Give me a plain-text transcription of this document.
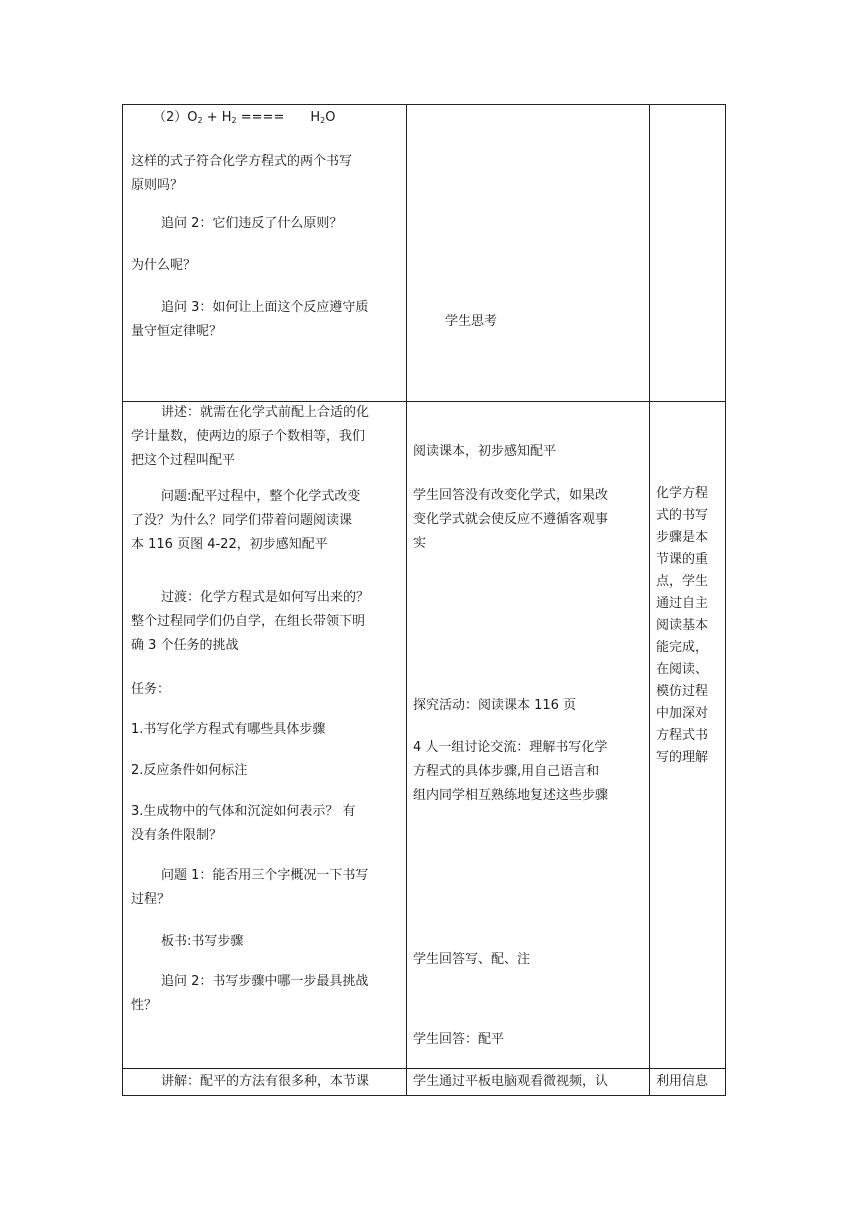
$(2)O_2 + H_2$ ==== $H_2O$
这样的式子符合化学方程式的两个书写
原则吗？
追问 2：它们违反了什么原则？
为什么呢？
追问 3：如何让上面这个反应遵守质
量守恒定律呢？
学生思考
讲述：就需在化学式前配上合适的化
学计量数，使两边的原子个数相等，我们
把这个过程叫配平
问题:配平过程中，整个化学式改变
了没？为什么？同学们带着问题阅读课
本 116 页图 4-22，初步感知配平
过渡：化学方程式是如何写出来的？
整个过程同学们仍自学，在组长带领下明
确 3 个任务的挑战
任务：
1.书写化学方程式有哪些具体步骤
2.反应条件如何标注
3.生成物中的气体和沉淀如何表示？ 有
没有条件限制？
问题 1：能否用三个字概况一下书写
过程？
板书:书写步骤
追问 2：书写步骤中哪一步最具挑战
性？
阅读课本，初步感知配平
学生回答没有改变化学式，如果改
变化学式就会使反应不遵循客观事
实
探究活动：阅读课本 116 页
4 人一组讨论交流：理解书写化学
方程式的具体步骤,用自己语言和
组内同学相互熟练地复述这些步骤
学生回答写、配、注
学生回答：配平
化学方程
式的书写
步骤是本
节课的重
点，学生
通过自主
阅读基本
能完成，
在阅读、
模仿过程
中加深对
方程式书
写的理解
讲解：配平的方法有很多种，本节课	学生通过平板电脑观看微视频，认	利用信息
